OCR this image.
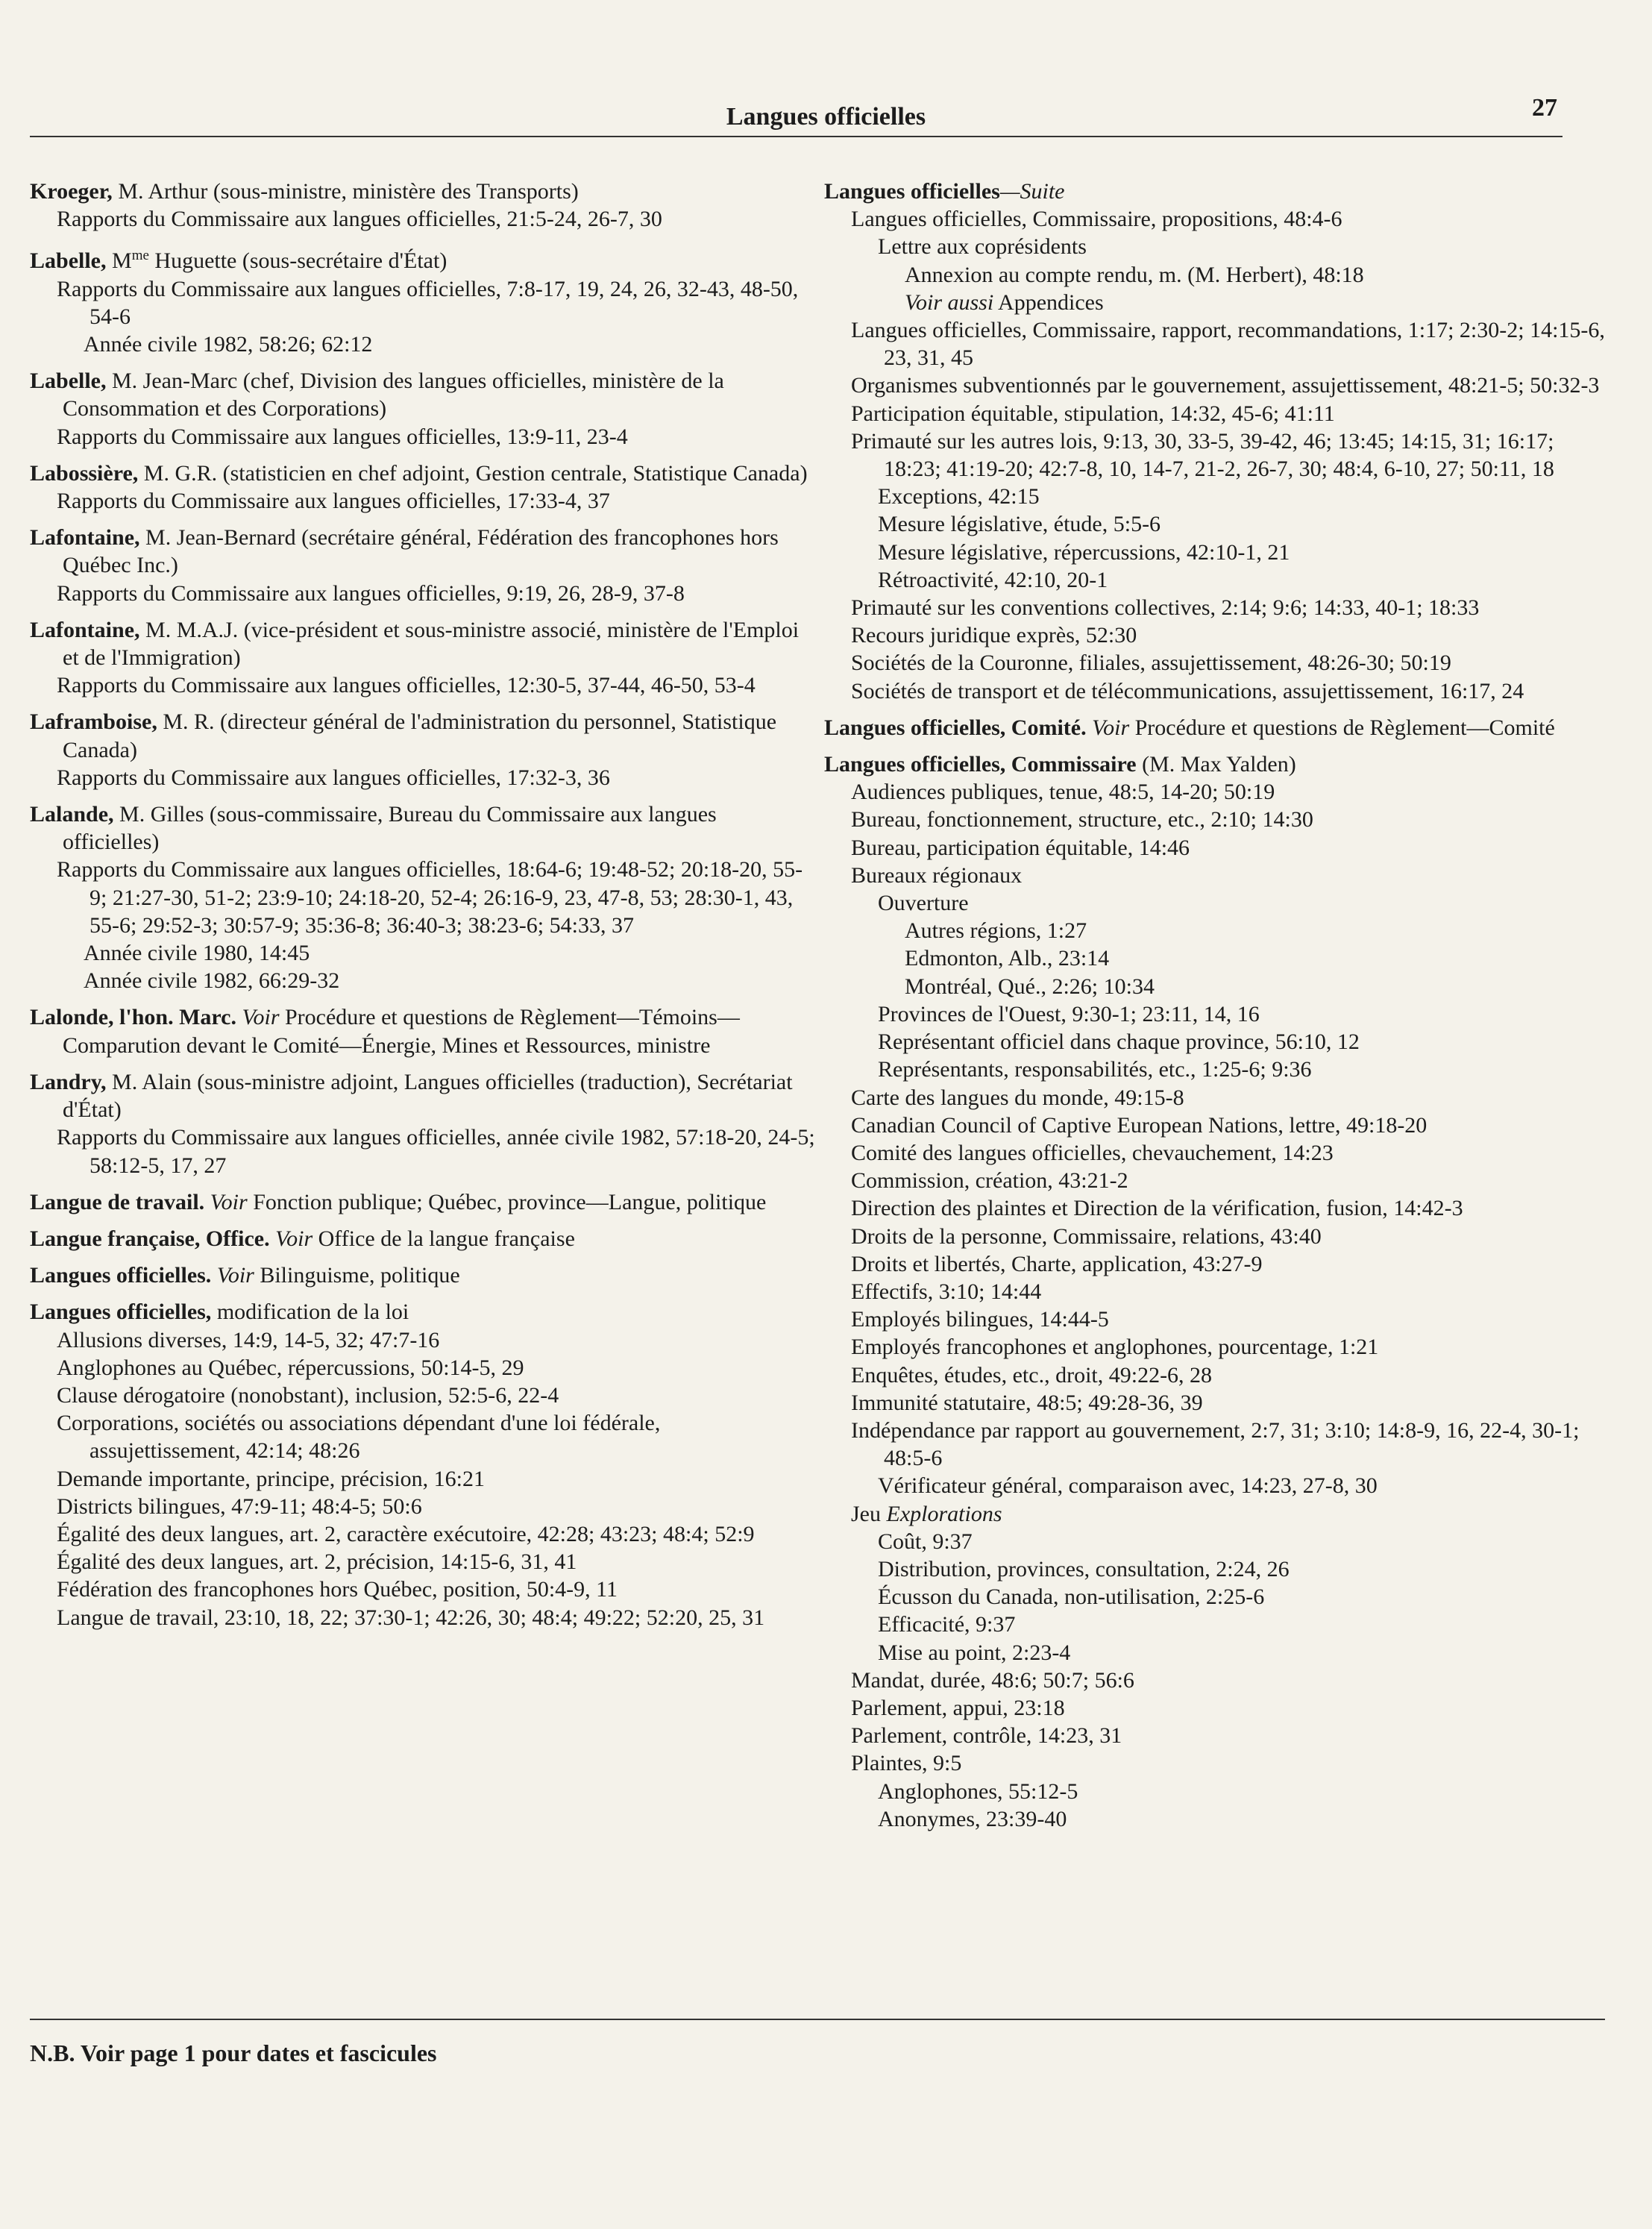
Langues officielles	27
Kroeger, M. Arthur (sous-ministre, ministère des Transports)
Rapports du Commissaire aux langues officielles, 21:5-24, 26-7, 30
Labelle, $M^{me}$ Huguette (sous-secrétaire d'État)
Rapports du Commissaire aux langues officielles, 7:8-17, 19, 24, 26, 32-43, 48-50, 54-6
Année civile 1982, 58:26; 62:12
Labelle, M. Jean-Marc (chef, Division des langues officielles, ministère de la Consommation et des Corporations)
Rapports du Commissaire aux langues officielles, 13:9-11, 23-4
Labossière, M. G.R. (statisticien en chef adjoint, Gestion centrale, Statistique Canada)
Rapports du Commissaire aux langues officielles, 17:33-4, 37
Lafontaine, M. Jean-Bernard (secrétaire général, Fédération des francophones hors Québec Inc.)
Rapports du Commissaire aux langues officielles, 9:19, 26, 28-9, 37-8
Lafontaine, M. M.A.J. (vice-président et sous-ministre associé, ministère de l'Emploi et de l'Immigration)
Rapports du Commissaire aux langues officielles, 12:30-5, 37-44, 46-50, 53-4
Laframboise, M. R. (directeur général de l'administration du personnel, Statistique Canada)
Rapports du Commissaire aux langues officielles, 17:32-3, 36
Lalande, M. Gilles (sous-commissaire, Bureau du Commissaire aux langues officielles)
Rapports du Commissaire aux langues officielles, 18:64-6; 19:48-52; 20:18-20, 55-9; 21:27-30, 51-2; 23:9-10; 24:18-20, 52-4; 26:16-9, 23, 47-8, 53; 28:30-1, 43, 55-6; 29:52-3; 30:57-9; 35:36-8; 36:40-3; 38:23-6; 54:33, 37
Année civile 1980, 14:45
Année civile 1982, 66:29-32
Lalonde, l'hon. Marc. Voir Procédure et questions de Règlement—Témoins—Comparution devant le Comité—Énergie, Mines et Ressources, ministre
Landry, M. Alain (sous-ministre adjoint, Langues officielles (traduction), Secrétariat d'État)
Rapports du Commissaire aux langues officielles, année civile 1982, 57:18-20, 24-5; 58:12-5, 17, 27
Langue de travail. Voir Fonction publique; Québec, province—Langue, politique
Langue française, Office. Voir Office de la langue française
Langues officielles. Voir Bilinguisme, politique
Langues officielles, modification de la loi
Allusions diverses, 14:9, 14-5, 32; 47:7-16
Anglophones au Québec, répercussions, 50:14-5, 29
Clause dérogatoire (nonobstant), inclusion, 52:5-6, 22-4
Corporations, sociétés ou associations dépendant d'une loi fédérale, assujettissement, 42:14; 48:26
Demande importante, principe, précision, 16:21
Districts bilingues, 47:9-11; 48:4-5; 50:6
Égalité des deux langues, art. 2, caractère exécutoire, 42:28; 43:23; 48:4; 52:9
Égalité des deux langues, art. 2, précision, 14:15-6, 31, 41
Fédération des francophones hors Québec, position, 50:4-9, 11
Langue de travail, 23:10, 18, 22; 37:30-1; 42:26, 30; 48:4; 49:22; 52:20, 25, 31
Langues officielles—Suite
Langues officielles, Commissaire, propositions, 48:4-6
Lettre aux coprésidents
Annexion au compte rendu, m. (M. Herbert), 48:18
Voir aussi Appendices
Langues officielles, Commissaire, rapport, recommandations, 1:17; 2:30-2; 14:15-6, 23, 31, 45
Organismes subventionnés par le gouvernement, assujettissement, 48:21-5; 50:32-3
Participation équitable, stipulation, 14:32, 45-6; 41:11
Primauté sur les autres lois, 9:13, 30, 33-5, 39-42, 46; 13:45; 14:15, 31; 16:17; 18:23; 41:19-20; 42:7-8, 10, 14-7, 21-2, 26-7, 30; 48:4, 6-10, 27; 50:11, 18
Exceptions, 42:15
Mesure législative, étude, 5:5-6
Mesure législative, répercussions, 42:10-1, 21
Rétroactivité, 42:10, 20-1
Primauté sur les conventions collectives, 2:14; 9:6; 14:33, 40-1; 18:33
Recours juridique exprès, 52:30
Sociétés de la Couronne, filiales, assujettissement, 48:26-30; 50:19
Sociétés de transport et de télécommunications, assujettissement, 16:17, 24
Langues officielles, Comité. Voir Procédure et questions de Règlement—Comité
Langues officielles, Commissaire (M. Max Yalden)
Audiences publiques, tenue, 48:5, 14-20; 50:19
Bureau, fonctionnement, structure, etc., 2:10; 14:30
Bureau, participation équitable, 14:46
Bureaux régionaux
Ouverture
Autres régions, 1:27
Edmonton, Alb., 23:14
Montréal, Qué., 2:26; 10:34
Provinces de l'Ouest, 9:30-1; 23:11, 14, 16
Représentant officiel dans chaque province, 56:10, 12
Représentants, responsabilités, etc., 1:25-6; 9:36
Carte des langues du monde, 49:15-8
Canadian Council of Captive European Nations, lettre, 49:18-20
Comité des langues officielles, chevauchement, 14:23
Commission, création, 43:21-2
Direction des plaintes et Direction de la vérification, fusion, 14:42-3
Droits de la personne, Commissaire, relations, 43:40
Droits et libertés, Charte, application, 43:27-9
Effectifs, 3:10; 14:44
Employés bilingues, 14:44-5
Employés francophones et anglophones, pourcentage, 1:21
Enquêtes, études, etc., droit, 49:22-6, 28
Immunité statutaire, 48:5; 49:28-36, 39
Indépendance par rapport au gouvernement, 2:7, 31; 3:10; 14:8-9, 16, 22-4, 30-1; 48:5-6
Vérificateur général, comparaison avec, 14:23, 27-8, 30
Jeu Explorations
Coût, 9:37
Distribution, provinces, consultation, 2:24, 26
Écusson du Canada, non-utilisation, 2:25-6
Efficacité, 9:37
Mise au point, 2:23-4
Mandat, durée, 48:6; 50:7; 56:6
Parlement, appui, 23:18
Parlement, contrôle, 14:23, 31
Plaintes, 9:5
Anglophones, 55:12-5
Anonymes, 23:39-40
N.B. Voir page 1 pour dates et fascicules
